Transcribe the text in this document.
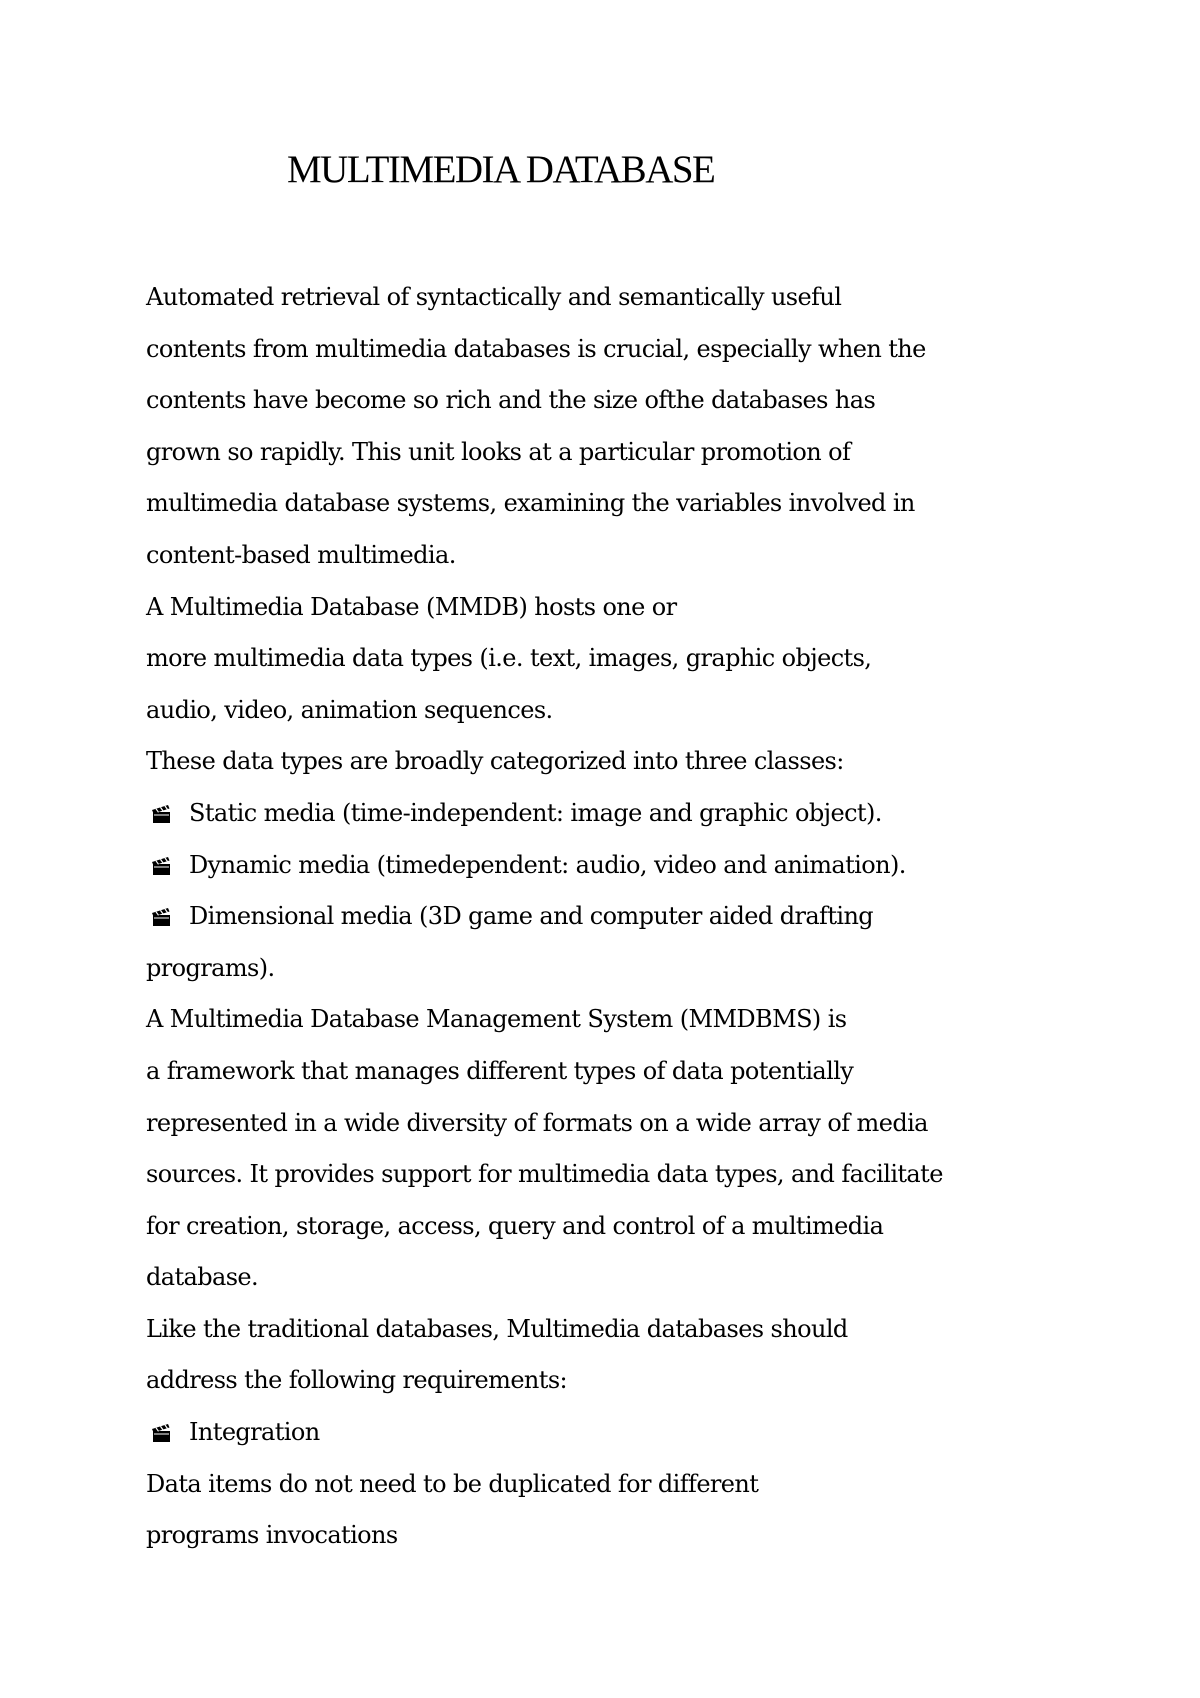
MULTIMEDIA DATABASE
Automated retrieval of syntactically and semantically useful
contents from multimedia databases is crucial, especially when the
contents have become so rich and the size ofthe databases has
grown so rapidly. This unit looks at a particular promotion of
multimedia database systems, examining the variables involved in
content-based multimedia.
A Multimedia Database (MMDB) hosts one or
more multimedia data types (i.e. text, images, graphic objects,
audio, video, animation sequences.
These data types are broadly categorized into three classes:
Static media (time-independent: image and graphic object).
Dynamic media (timedependent: audio, video and animation).
Dimensional media (3D game and computer aided drafting
programs).
A Multimedia Database Management System (MMDBMS) is
a framework that manages different types of data potentially
represented in a wide diversity of formats on a wide array of media
sources. It provides support for multimedia data types, and facilitate
for creation, storage, access, query and control of a multimedia
database.
Like the traditional databases, Multimedia databases should
address the following requirements:
Integration
Data items do not need to be duplicated for different
programs invocations
